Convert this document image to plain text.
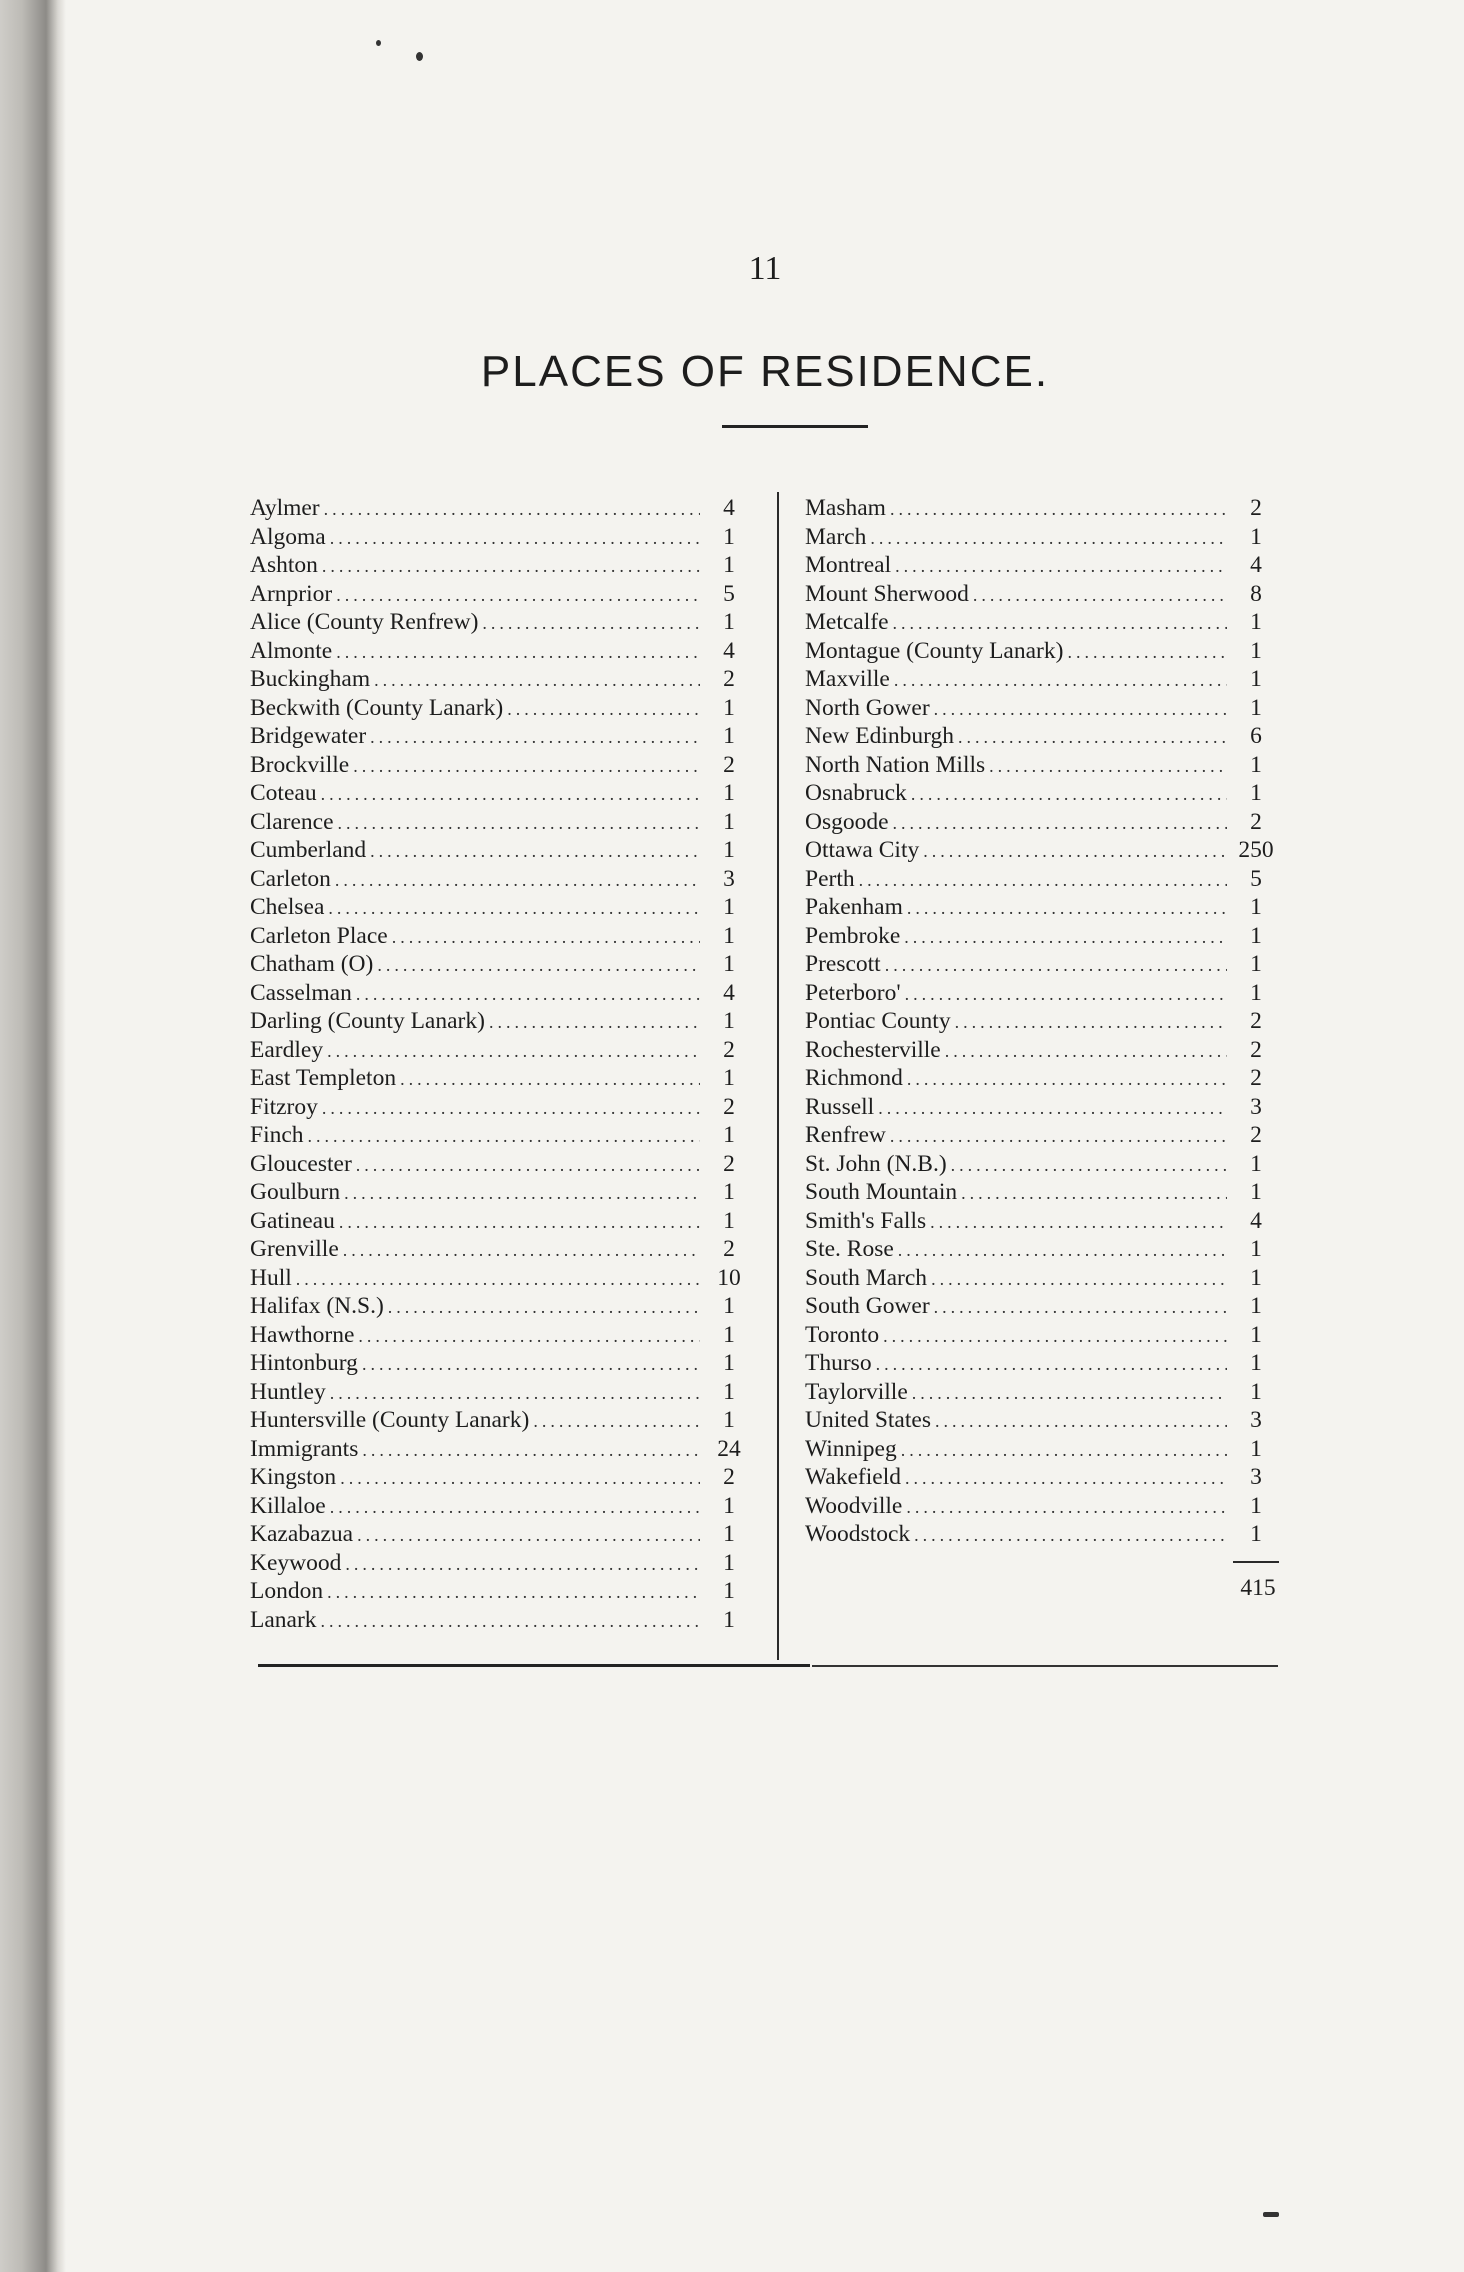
11
PLACES OF RESIDENCE.
Aylmer .....	4
Algoma .....	1
Ashton .....	1
Arnprior .....	5
Alice (County Renfrew) .....	1
Almonte .....	4
Buckingham .....	2
Beckwith (County Lanark) .....	1
Bridgewater .....	1
Brockville .....	2
Coteau .....	1
Clarence .....	1
Cumberland .....	1
Carleton .....	3
Chelsea .....	1
Carleton Place .....	1
Chatham (O) .....	1
Casselman .....	4
Darling (County Lanark) .....	1
Eardley .....	2
East Templeton .....	1
Fitzroy .....	2
Finch .....	1
Gloucester .....	2
Goulburn .....	1
Gatineau .....	1
Grenville .....	2
Hull .....	10
Halifax (N.S.) .....	1
Hawthorne .....	1
Hintonburg .....	1
Huntley .....	1
Huntersville (County Lanark) .....	1
Immigrants .....	24
Kingston .....	2
Killaloe .....	1
Kazabazua .....	1
Keywood .....	1
London .....	1
Lanark .....	1
Masham .....	2
March .....	1
Montreal .....	4
Mount Sherwood .....	8
Metcalfe .....	1
Montague (County Lanark) .....	1
Maxville .....	1
North Gower .....	1
New Edinburgh .....	6
North Nation Mills .....	1
Osnabruck .....	1
Osgoode .....	2
Ottawa City .....	250
Perth .....	5
Pakenham .....	1
Pembroke .....	1
Prescott .....	1
Peterboro' .....	1
Pontiac County .....	2
Rochesterville .....	2
Richmond .....	2
Russell .....	3
Renfrew .....	2
St. John (N.B.) .....	1
South Mountain .....	1
Smith's Falls .....	4
Ste. Rose .....	1
South March .....	1
South Gower .....	1
Toronto .....	1
Thurso .....	1
Taylorville .....	1
United States .....	3
Winnipeg .....	1
Wakefield .....	3
Woodville .....	1
Woodstock .....	1
415
